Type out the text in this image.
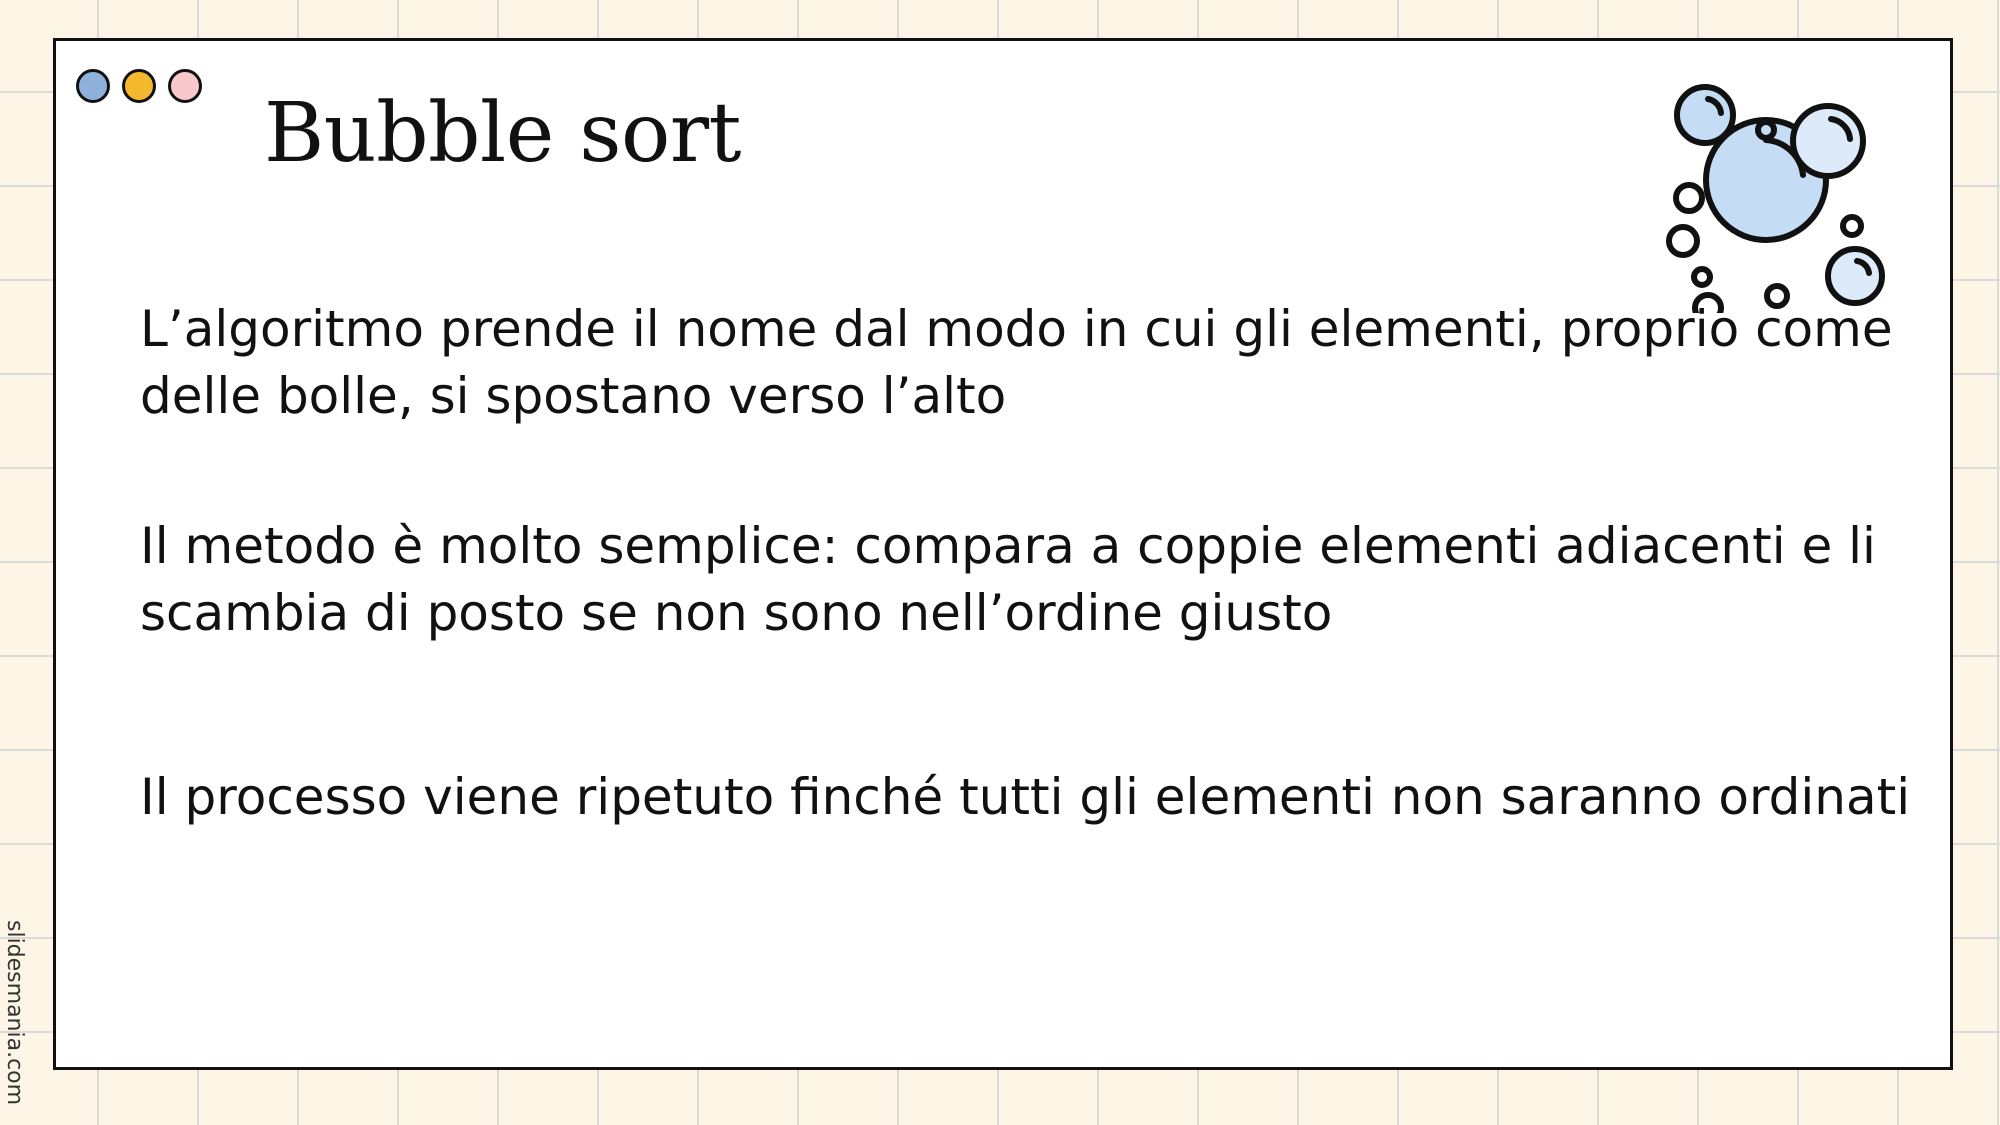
Bubble sort

L’algoritmo prende il nome dal modo in cui gli elementi, proprio come delle bolle, si spostano verso l’alto

Il metodo è molto semplice: compara a coppie elementi adiacenti e li scambia di posto se non sono nell’ordine giusto

Il processo viene ripetuto finché tutti gli elementi non saranno ordinati

slidesmania.com
